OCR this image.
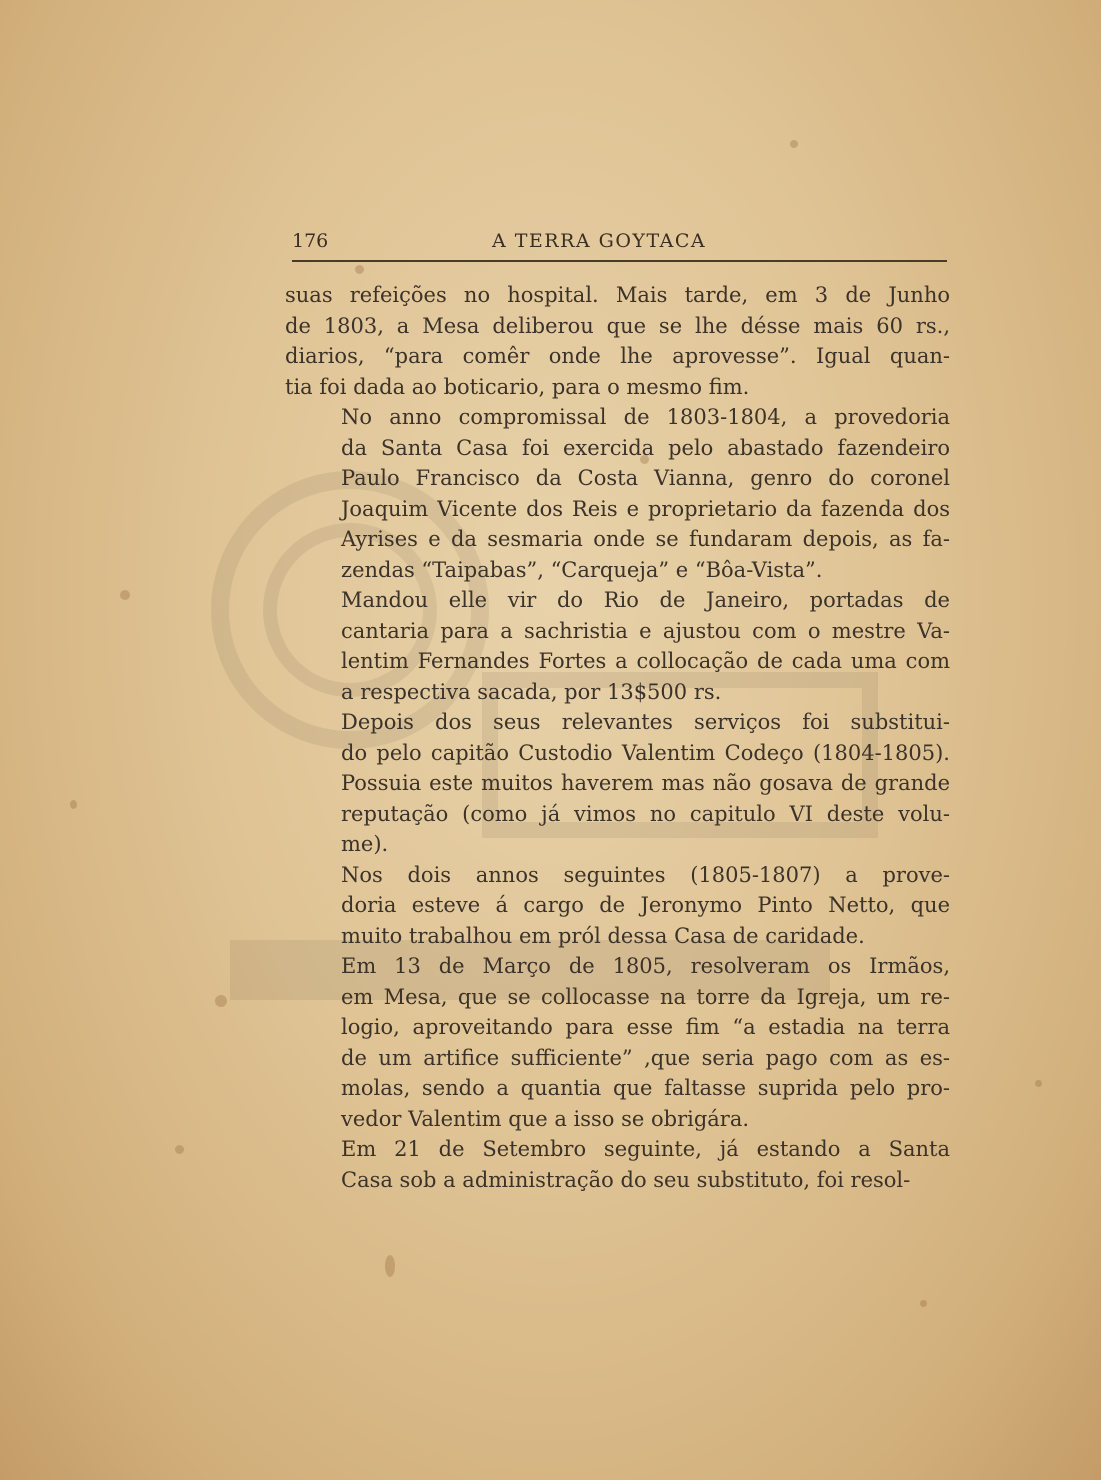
176	A TERRA GOYTACA
suas refeições no hospital. Mais tarde, em 3 de Junho
de 1803, a Mesa deliberou que se lhe désse mais 60 rs.,
diarios, “para comêr onde lhe aprovesse”. Igual quan-
tia foi dada ao boticario, para o mesmo fim.
No anno compromissal de 1803-1804, a provedoria
da Santa Casa foi exercida pelo abastado fazendeiro
Paulo Francisco da Costa Vianna, genro do coronel
Joaquim Vicente dos Reis e proprietario da fazenda dos
Ayrises e da sesmaria onde se fundaram depois, as fa-
zendas “Taipabas”, “Carqueja” e “Bôa-Vista”.
Mandou elle vir do Rio de Janeiro, portadas de
cantaria para a sachristia e ajustou com o mestre Va-
lentim Fernandes Fortes a collocação de cada uma com
a respectiva sacada, por 13$500 rs.
Depois dos seus relevantes serviços foi substitui-
do pelo capitão Custodio Valentim Codeço (1804-1805).
Possuia este muitos haverem mas não gosava de grande
reputação (como já vimos no capitulo VI deste volu-
me).
Nos dois annos seguintes (1805-1807) a prove-
doria esteve á cargo de Jeronymo Pinto Netto, que
muito trabalhou em pról dessa Casa de caridade.
Em 13 de Março de 1805, resolveram os Irmãos,
em Mesa, que se collocasse na torre da Igreja, um re-
logio, aproveitando para esse fim “a estadia na terra
de um artifice sufficiente” ,que seria pago com as es-
molas, sendo a quantia que faltasse suprida pelo pro-
vedor Valentim que a isso se obrigára.
Em 21 de Setembro seguinte, já estando a Santa
Casa sob a administração do seu substituto, foi resol-
